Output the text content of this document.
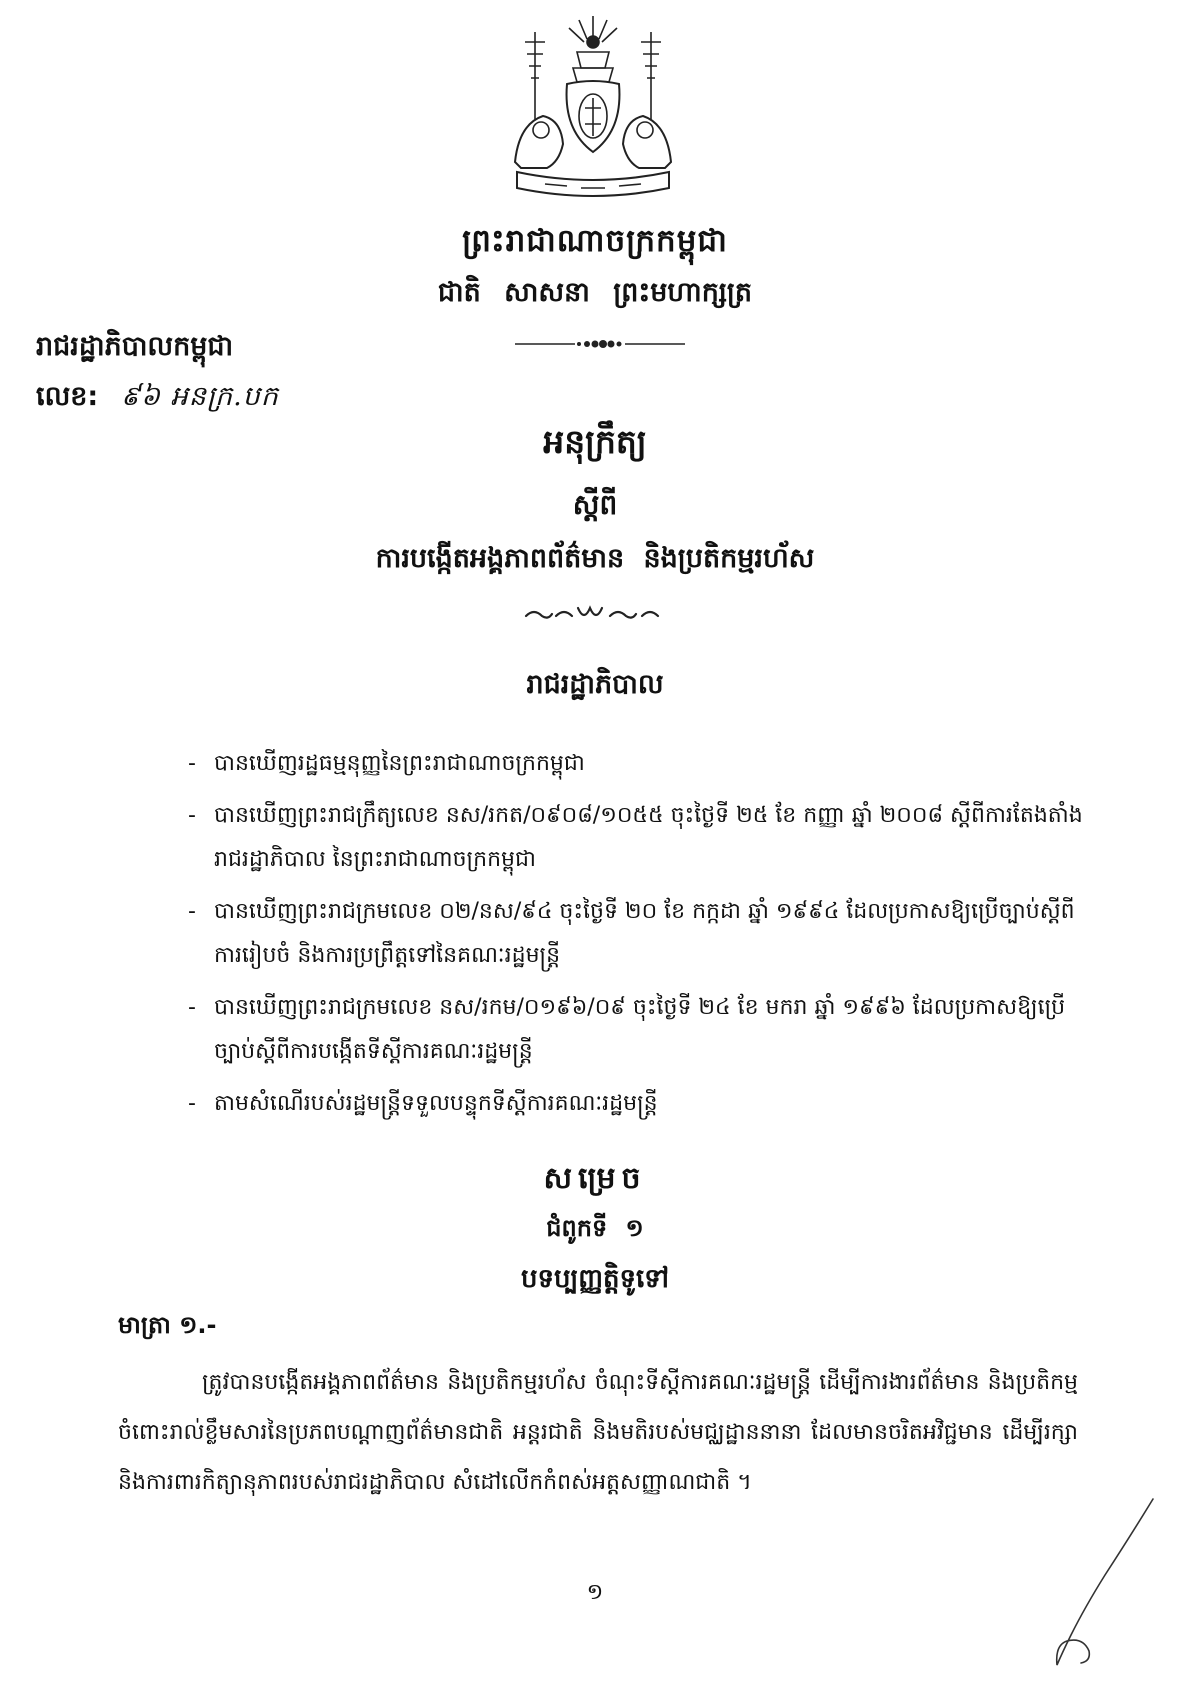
ព្រះរាជាណាចក្រកម្ពុជា
ជាតិ សាសនា ព្រះមហាក្សត្រ
រាជរដ្ឋាភិបាលកម្ពុជា
លេខ: ៩៦ អនក្រ.បក
អនុក្រឹត្យ
ស្តីពី
ការបង្កើតអង្គភាពព័ត៌មាន និងប្រតិកម្មរហ័ស
រាជរដ្ឋាភិបាល
- បានឃើញរដ្ឋធម្មនុញ្ញនៃព្រះរាជាណាចក្រកម្ពុជា
- បានឃើញព្រះរាជក្រឹត្យលេខ នស/រកត/០៩០៨/១០៥៥ ចុះថ្ងៃទី ២៥ ខែ កញ្ញា ឆ្នាំ ២០០៨ ស្តីពីការតែងតាំងរាជរដ្ឋាភិបាល នៃព្រះរាជាណាចក្រកម្ពុជា
- បានឃើញព្រះរាជក្រមលេខ ០២/នស/៩៤ ចុះថ្ងៃទី ២០ ខែ កក្កដា ឆ្នាំ ១៩៩៤ ដែលប្រកាសឱ្យប្រើច្បាប់ស្តីពីការរៀបចំ និងការប្រព្រឹត្តទៅនៃគណៈរដ្ឋមន្ត្រី
- បានឃើញព្រះរាជក្រមលេខ នស/រកម/០១៩៦/០៩ ចុះថ្ងៃទី ២៤ ខែ មករា ឆ្នាំ ១៩៩៦ ដែលប្រកាសឱ្យប្រើច្បាប់ស្តីពីការបង្កើតទីស្តីការគណៈរដ្ឋមន្ត្រី
- តាមសំណើរបស់រដ្ឋមន្ត្រីទទួលបន្ទុកទីស្តីការគណៈរដ្ឋមន្ត្រី
សម្រេច
ជំពូកទី ១
បទប្បញ្ញត្តិទូទៅ
មាត្រា ១.-

ត្រូវបានបង្កើតអង្គភាពព័ត៌មាន និងប្រតិកម្មរហ័ស ចំណុះទីស្តីការគណៈរដ្ឋមន្ត្រី ដើម្បីការងារព័ត៌មាន និងប្រតិកម្មចំពោះរាល់ខ្លឹមសារនៃប្រភពបណ្តាញព័ត៌មានជាតិ អន្តរជាតិ និងមតិរបស់មជ្ឈដ្ឋាននានា ដែលមានចរិតអវិជ្ជមាន ដើម្បីរក្សា និងការពារកិត្យានុភាពរបស់រាជរដ្ឋាភិបាល សំដៅលើកកំពស់អត្តសញ្ញាណជាតិ ។

១
